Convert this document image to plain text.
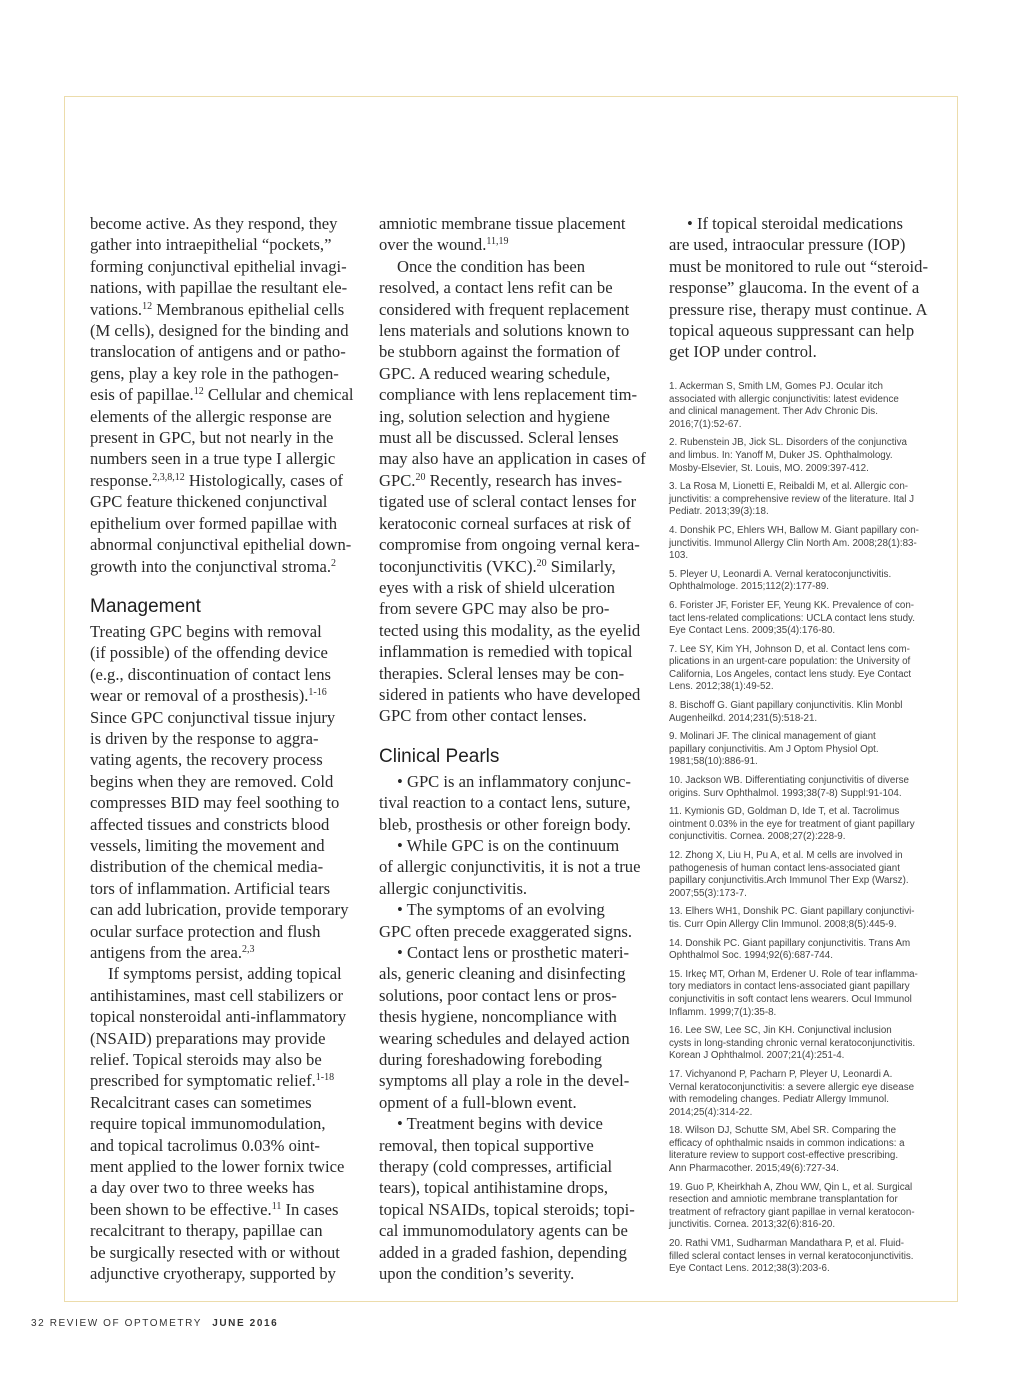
become active. As they respond, they
gather into intraepithelial “pockets,”
forming conjunctival epithelial invagi-
nations, with papillae the resultant ele-
vations.$^{12}$ Membranous epithelial cells
(M cells), designed for the binding and
translocation of antigens and or patho-
gens, play a key role in the pathogen-
esis of papillae.$^{12}$ Cellular and chemical
elements of the allergic response are
present in GPC, but not nearly in the
numbers seen in a true type I allergic
response.$^{2,3,8,12}$ Histologically, cases of
GPC feature thickened conjunctival
epithelium over formed papillae with
abnormal conjunctival epithelial down-
growth into the conjunctival stroma.$^2$
Management
Treating GPC begins with removal
(if possible) of the offending device
(e.g., discontinuation of contact lens
wear or removal of a prosthesis).$^{1-16}$
Since GPC conjunctival tissue injury
is driven by the response to aggra-
vating agents, the recovery process
begins when they are removed. Cold
compresses BID may feel soothing to
affected tissues and constricts blood
vessels, limiting the movement and
distribution of the chemical media-
tors of inflammation. Artificial tears
can add lubrication, provide temporary
ocular surface protection and flush
antigens from the area.$^{2,3}$
If symptoms persist, adding topical
antihistamines, mast cell stabilizers or
topical nonsteroidal anti-inflammatory
(NSAID) preparations may provide
relief. Topical steroids may also be
prescribed for symptomatic relief.$^{1-18}$
Recalcitrant cases can sometimes
require topical immunomodulation,
and topical tacrolimus 0.03% oint-
ment applied to the lower fornix twice
a day over two to three weeks has
been shown to be effective.$^{11}$ In cases
recalcitrant to therapy, papillae can
be surgically resected with or without
adjunctive cryotherapy, supported by
amniotic membrane tissue placement
over the wound.$^{11,19}$
Once the condition has been
resolved, a contact lens refit can be
considered with frequent replacement
lens materials and solutions known to
be stubborn against the formation of
GPC. A reduced wearing schedule,
compliance with lens replacement tim-
ing, solution selection and hygiene
must all be discussed. Scleral lenses
may also have an application in cases of
GPC.$^{20}$ Recently, research has inves-
tigated use of scleral contact lenses for
keratoconic corneal surfaces at risk of
compromise from ongoing vernal kera-
toconjunctivitis (VKC).$^{20}$ Similarly,
eyes with a risk of shield ulceration
from severe GPC may also be pro-
tected using this modality, as the eyelid
inflammation is remedied with topical
therapies. Scleral lenses may be con-
sidered in patients who have developed
GPC from other contact lenses.
Clinical Pearls
• GPC is an inflammatory conjunc-
tival reaction to a contact lens, suture,
bleb, prosthesis or other foreign body.
• While GPC is on the continuum
of allergic conjunctivitis, it is not a true
allergic conjunctivitis.
• The symptoms of an evolving
GPC often precede exaggerated signs.
• Contact lens or prosthetic materi-
als, generic cleaning and disinfecting
solutions, poor contact lens or pros-
thesis hygiene, noncompliance with
wearing schedules and delayed action
during foreshadowing foreboding
symptoms all play a role in the devel-
opment of a full-blown event.
• Treatment begins with device
removal, then topical supportive
therapy (cold compresses, artificial
tears), topical antihistamine drops,
topical NSAIDs, topical steroids; topi-
cal immunomodulatory agents can be
added in a graded fashion, depending
upon the condition’s severity.
• If topical steroidal medications
are used, intraocular pressure (IOP)
must be monitored to rule out “steroid-
response” glaucoma. In the event of a
pressure rise, therapy must continue. A
topical aqueous suppressant can help
get IOP under control.
1. Ackerman S, Smith LM, Gomes PJ. Ocular itch
associated with allergic conjunctivitis: latest evidence
and clinical management. Ther Adv Chronic Dis.
2016;7(1):52-67.
2. Rubenstein JB, Jick SL. Disorders of the conjunctiva
and limbus. In: Yanoff M, Duker JS. Ophthalmology.
Mosby-Elsevier, St. Louis, MO. 2009:397-412.
3. La Rosa M, Lionetti E, Reibaldi M, et al. Allergic con-
junctivitis: a comprehensive review of the literature. Ital J
Pediatr. 2013;39(3):18.
4. Donshik PC, Ehlers WH, Ballow M. Giant papillary con-
junctivitis. Immunol Allergy Clin North Am. 2008;28(1):83-
103.
5. Pleyer U, Leonardi A. Vernal keratoconjunctivitis.
Ophthalmologe. 2015;112(2):177-89.
6. Forister JF, Forister EF, Yeung KK. Prevalence of con-
tact lens-related complications: UCLA contact lens study.
Eye Contact Lens. 2009;35(4):176-80.
7. Lee SY, Kim YH, Johnson D, et al. Contact lens com-
plications in an urgent-care population: the University of
California, Los Angeles, contact lens study. Eye Contact
Lens. 2012;38(1):49-52.
8. Bischoff G. Giant papillary conjunctivitis. Klin Monbl
Augenheilkd. 2014;231(5):518-21.
9. Molinari JF. The clinical management of giant
papillary conjunctivitis. Am J Optom Physiol Opt.
1981;58(10):886-91.
10. Jackson WB. Differentiating conjunctivitis of diverse
origins. Surv Ophthalmol. 1993;38(7-8) Suppl:91-104.
11. Kymionis GD, Goldman D, Ide T, et al. Tacrolimus
ointment 0.03% in the eye for treatment of giant papillary
conjunctivitis. Cornea. 2008;27(2):228-9.
12. Zhong X, Liu H, Pu A, et al. M cells are involved in
pathogenesis of human contact lens-associated giant
papillary conjunctivitis.Arch Immunol Ther Exp (Warsz).
2007;55(3):173-7.
13. Elhers WH1, Donshik PC. Giant papillary conjunctivi-
tis. Curr Opin Allergy Clin Immunol. 2008;8(5):445-9.
14. Donshik PC. Giant papillary conjunctivitis. Trans Am
Ophthalmol Soc. 1994;92(6):687-744.
15. Irkeç MT, Orhan M, Erdener U. Role of tear inflamma-
tory mediators in contact lens-associated giant papillary
conjunctivitis in soft contact lens wearers. Ocul Immunol
Inflamm. 1999;7(1):35-8.
16. Lee SW, Lee SC, Jin KH. Conjunctival inclusion
cysts in long-standing chronic vernal keratoconjunctivitis.
Korean J Ophthalmol. 2007;21(4):251-4.
17. Vichyanond P, Pacharn P, Pleyer U, Leonardi A.
Vernal keratoconjunctivitis: a severe allergic eye disease
with remodeling changes. Pediatr Allergy Immunol.
2014;25(4):314-22.
18. Wilson DJ, Schutte SM, Abel SR. Comparing the
efficacy of ophthalmic nsaids in common indications: a
literature review to support cost-effective prescribing.
Ann Pharmacother. 2015;49(6):727-34.
19. Guo P, Kheirkhah A, Zhou WW, Qin L, et al. Surgical
resection and amniotic membrane transplantation for
treatment of refractory giant papillae in vernal keratocon-
junctivitis. Cornea. 2013;32(6):816-20.
20. Rathi VM1, Sudharman Mandathara P, et al. Fluid-
filled scleral contact lenses in vernal keratoconjunctivitis.
Eye Contact Lens. 2012;38(3):203-6.
32 REVIEW OF OPTOMETRY JUNE 2016
